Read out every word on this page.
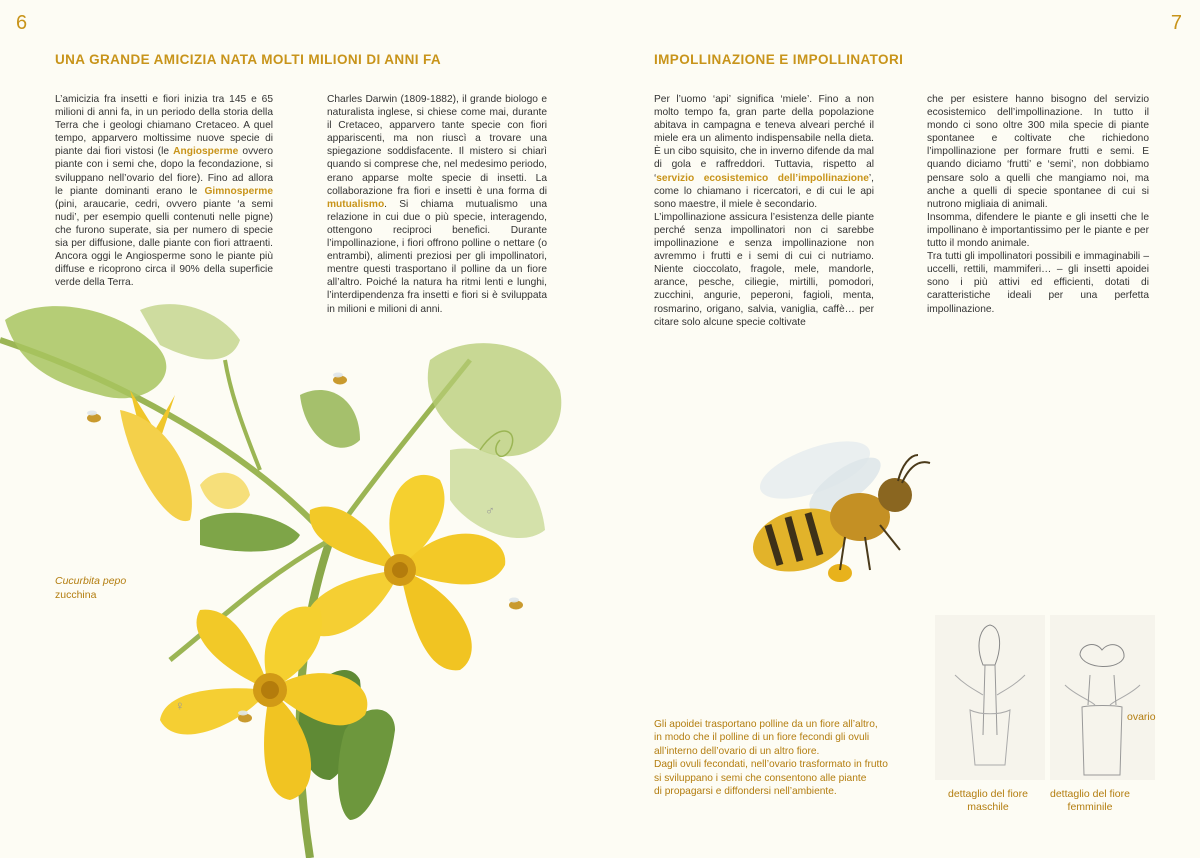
6	7
UNA GRANDE AMICIZIA NATA MOLTI MILIONI DI ANNI FA	IMPOLLINAZIONE E IMPOLLINATORI

L’amicizia fra insetti e fiori inizia tra 145 e 65 milioni di anni fa, in un periodo della storia della Terra che i geologi chiamano Cretaceo. A quel tempo, apparvero moltissime nuove specie di piante dai fiori vistosi (le Angiosperme ovvero piante con i semi che, dopo la fecondazione, si sviluppano nell’ovario del fiore). Fino ad allora le piante dominanti erano le Gimnosperme (pini, araucarie, cedri, ovvero piante ‘a semi nudi’, per esempio quelli contenuti nelle pigne) che furono superate, sia per numero di specie sia per diffusione, dalle piante con fiori attraenti. Ancora oggi le Angiosperme sono le piante più diffuse e ricoprono circa il 90% della superficie verde della Terra.

Charles Darwin (1809-1882), il grande biologo e naturalista inglese, si chiese come mai, durante il Cretaceo, apparvero tante specie con fiori appariscenti, ma non riuscì a trovare una spiegazione soddisfacente. Il mistero si chiarì quando si comprese che, nel medesimo periodo, erano apparse molte specie di insetti. La collaborazione fra fiori e insetti è una forma di mutualismo. Si chiama mutualismo una relazione in cui due o più specie, interagendo, ottengono reciproci benefici. Durante l’impollinazione, i fiori offrono polline o nettare (o entrambi), alimenti preziosi per gli impollinatori, mentre questi trasportano il polline da un fiore all’altro. Poiché la natura ha ritmi lenti e lunghi, l’interdipendenza fra insetti e fiori si è sviluppata in milioni e milioni di anni.

Per l’uomo ‘api’ significa ‘miele’. Fino a non molto tempo fa, gran parte della popolazione abitava in campagna e teneva alveari perché il miele era un alimento indispensabile nella dieta. È un cibo squisito, che in inverno difende da mal di gola e raffreddori. Tuttavia, rispetto al ‘servizio ecosistemico dell’impollinazione’, come lo chiamano i ricercatori, e di cui le api sono maestre, il miele è secondario.

L’impollinazione assicura l’esistenza delle piante perché senza impollinatori non ci sarebbe impollinazione e senza impollinazione non avremmo i frutti e i semi di cui ci nutriamo. Niente cioccolato, fragole, mele, mandorle, arance, pesche, ciliegie, mirtilli, pomodori, zucchini, angurie, peperoni, fagioli, menta, rosmarino, origano, salvia, vaniglia, caffè… per citare solo alcune specie coltivate

che per esistere hanno bisogno del servizio ecosistemico dell’impollinazione. In tutto il mondo ci sono oltre 300 mila specie di piante spontanee e coltivate che richiedono l’impollinazione per formare frutti e semi. E quando diciamo ‘frutti’ e ‘semi’, non dobbiamo pensare solo a quelli che mangiamo noi, ma anche a quelli di specie spontanee di cui si nutrono migliaia di animali.

Insomma, difendere le piante e gli insetti che le impollinano è importantissimo per le piante e per tutto il mondo animale.

Tra tutti gli impollinatori possibili e immaginabili – uccelli, rettili, mammiferi… – gli insetti apoidei sono i più attivi ed efficienti, dotati di caratteristiche ideali per una perfetta impollinazione.

♂
♀
Cucurbita pepo
zucchina
Gli apoidei trasportano polline da un fiore all’altro,
in modo che il polline di un fiore fecondi gli ovuli
all’interno dell’ovario di un altro fiore.
Dagli ovuli fecondati, nell’ovario trasformato in frutto
si sviluppano i semi che consentono alle piante
di propagarsi e diffondersi nell’ambiente.
ovario
dettaglio del fiore
maschile
dettaglio del fiore
femminile
